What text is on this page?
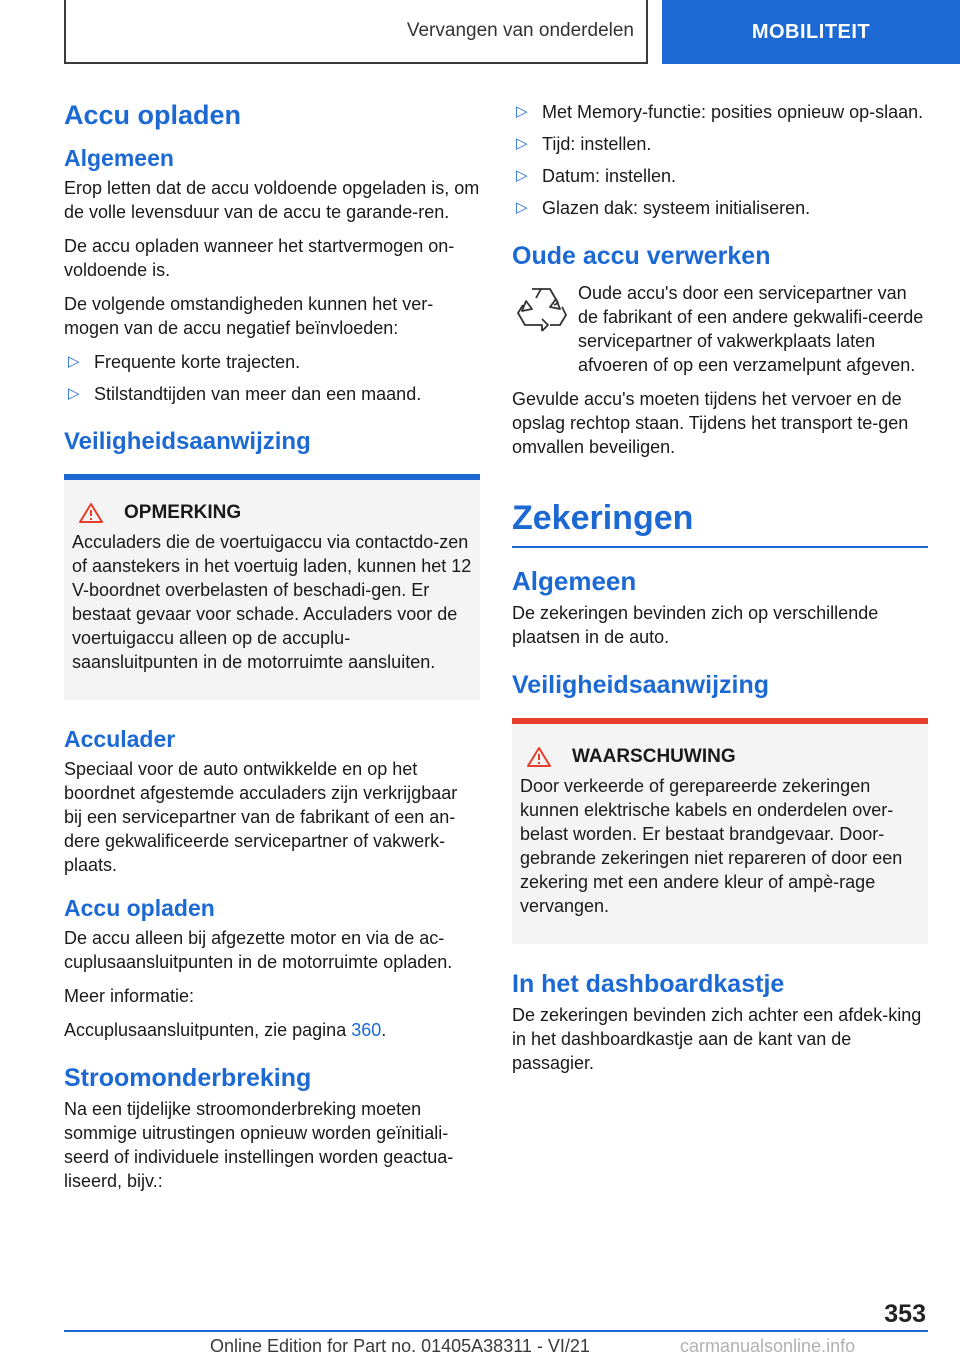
Vervangen van onderdelen	MOBILITEIT
Accu opladen
Algemeen

Erop letten dat de accu voldoende opgeladen is, om de volle levensduur van de accu te garande-ren.

De accu opladen wanneer het startvermogen on-voldoende is.

De volgende omstandigheden kunnen het ver-mogen van de accu negatief beïnvloeden:

▷ Frequente korte trajecten.
▷ Stilstandtijden van meer dan een maand.
Veiligheidsaanwijzing
OPMERKING

Acculaders die de voertuigaccu via contactdo-zen of aanstekers in het voertuig laden, kunnen het 12 V-boordnet overbelasten of beschadi-gen. Er bestaat gevaar voor schade. Acculaders voor de voertuigaccu alleen op de accuplu-saansluitpunten in de motorruimte aansluiten.

Acculader

Speciaal voor de auto ontwikkelde en op het boordnet afgestemde acculaders zijn verkrijgbaar bij een servicepartner van de fabrikant of een an-dere gekwalificeerde servicepartner of vakwerk-plaats.

Accu opladen

De accu alleen bij afgezette motor en via de ac-cuplusaansluitpunten in de motorruimte opladen.

Meer informatie:

Accuplusaansluitpunten, zie pagina 360.

Stroomonderbreking

Na een tijdelijke stroomonderbreking moeten sommige uitrustingen opnieuw worden geïnitiali-seerd of individuele instellingen worden geactua-liseerd, bijv.:

▷ Met Memory-functie: posities opnieuw op-slaan.
▷ Tijd: instellen.
▷ Datum: instellen.
▷ Glazen dak: systeem initialiseren.
Oude accu verwerken

Oude accu's door een servicepartner van de fabrikant of een andere gekwalifi-ceerde servicepartner of vakwerkplaats laten afvoeren of op een verzamelpunt afgeven.

Gevulde accu's moeten tijdens het vervoer en de opslag rechtop staan. Tijdens het transport te-gen omvallen beveiligen.

Zekeringen
Algemeen

De zekeringen bevinden zich op verschillende plaatsen in de auto.

Veiligheidsaanwijzing
WAARSCHUWING

Door verkeerde of gerepareerde zekeringen kunnen elektrische kabels en onderdelen over-belast worden. Er bestaat brandgevaar. Door-gebrande zekeringen niet repareren of door een zekering met een andere kleur of ampè-rage vervangen.

In het dashboardkastje

De zekeringen bevinden zich achter een afdek-king in het dashboardkastje aan de kant van de passagier.

353
Online Edition for Part no. 01405A38311 - VI/21	carmanualsonline.info
